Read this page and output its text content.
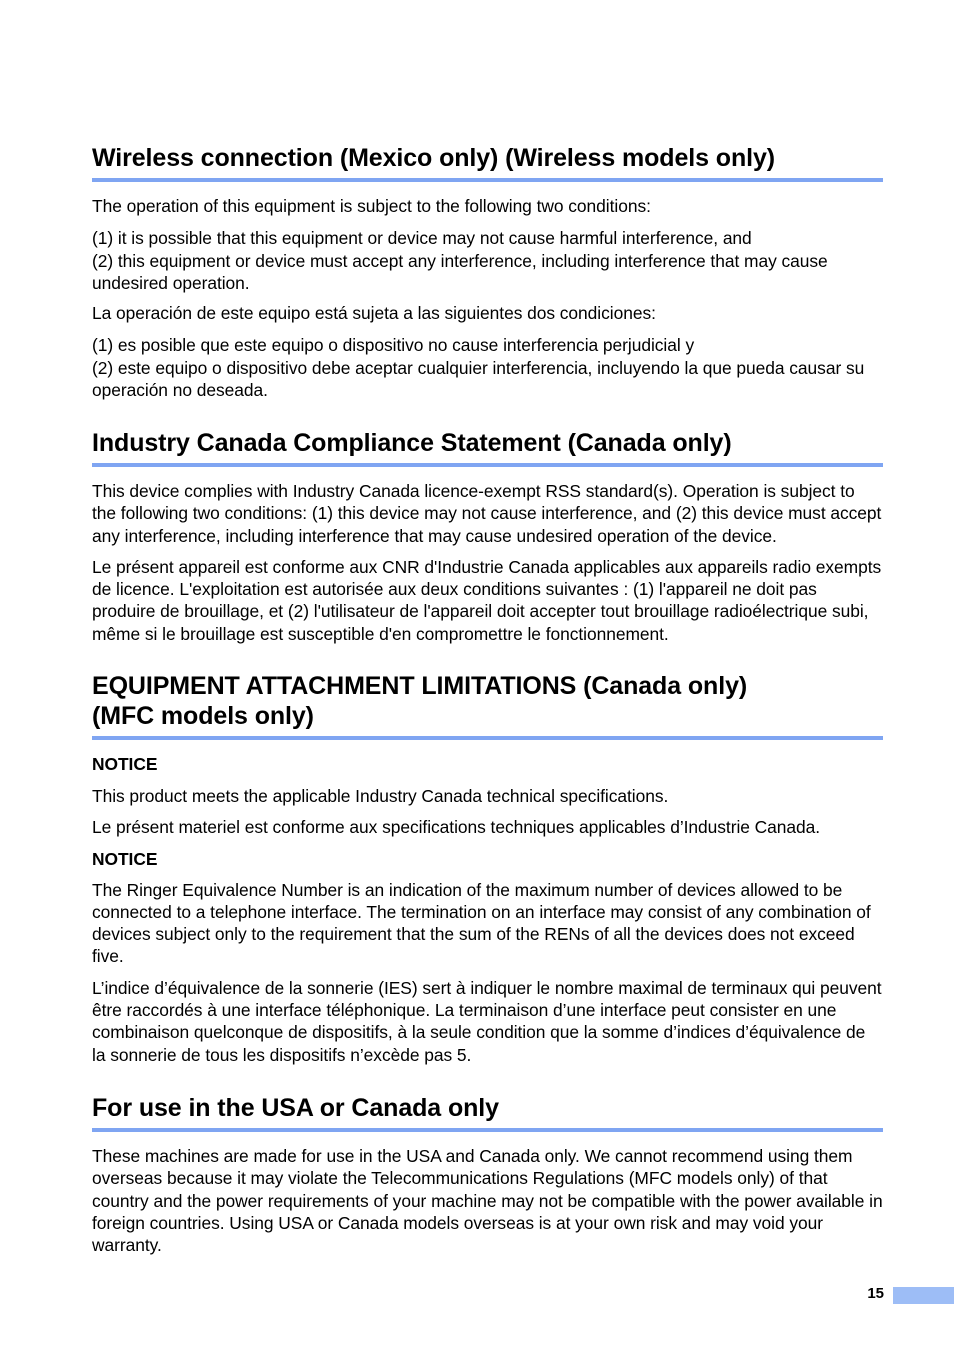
Wireless connection (Mexico only) (Wireless models only)

The operation of this equipment is subject to the following two conditions:

(1) it is possible that this equipment or device may not cause harmful interference, and

(2) this equipment or device must accept any interference, including interference that may cause undesired operation.

La operación de este equipo está sujeta a las siguientes dos condiciones:

(1) es posible que este equipo o dispositivo no cause interferencia perjudicial y

(2) este equipo o dispositivo debe aceptar cualquier interferencia, incluyendo la que pueda causar su operación no deseada.

Industry Canada Compliance Statement (Canada only)

This device complies with Industry Canada licence-exempt RSS standard(s). Operation is subject to the following two conditions: (1) this device may not cause interference, and (2) this device must accept any interference, including interference that may cause undesired operation of the device.

Le présent appareil est conforme aux CNR d'Industrie Canada applicables aux appareils radio exempts de licence. L'exploitation est autorisée aux deux conditions suivantes : (1) l'appareil ne doit pas produire de brouillage, et (2) l'utilisateur de l'appareil doit accepter tout brouillage radioélectrique subi, même si le brouillage est susceptible d'en compromettre le fonctionnement.

EQUIPMENT ATTACHMENT LIMITATIONS (Canada only)
(MFC models only)

NOTICE

This product meets the applicable Industry Canada technical specifications.

Le présent materiel est conforme aux specifications techniques applicables d’Industrie Canada.

NOTICE

The Ringer Equivalence Number is an indication of the maximum number of devices allowed to be connected to a telephone interface. The termination on an interface may consist of any combination of devices subject only to the requirement that the sum of the RENs of all the devices does not exceed five.

L’indice d’équivalence de la sonnerie (IES) sert à indiquer le nombre maximal de terminaux qui peuvent être raccordés à une interface téléphonique. La terminaison d’une interface peut consister en une combinaison quelconque de dispositifs, à la seule condition que la somme d’indices d’équivalence de la sonnerie de tous les dispositifs n’excède pas 5.

For use in the USA or Canada only

These machines are made for use in the USA and Canada only. We cannot recommend using them overseas because it may violate the Telecommunications Regulations (MFC models only) of that country and the power requirements of your machine may not be compatible with the power available in foreign countries. Using USA or Canada models overseas is at your own risk and may void your warranty.

15
